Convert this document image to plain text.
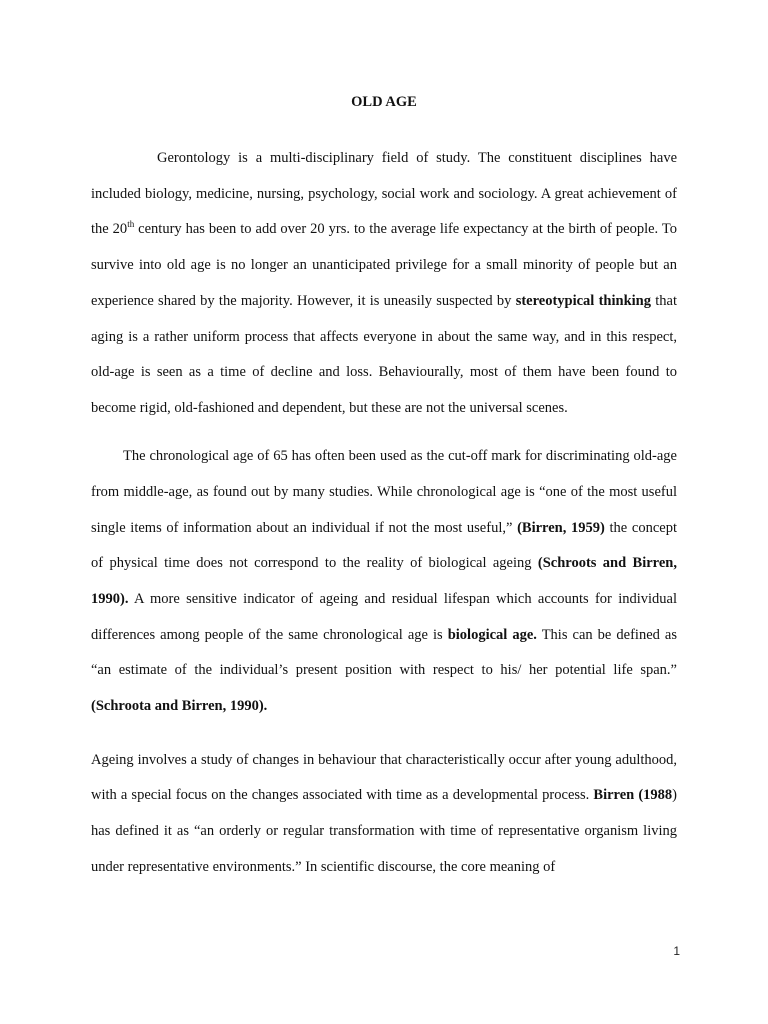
OLD AGE

Gerontology is a multi-disciplinary field of study. The constituent disciplines have included biology, medicine, nursing, psychology, social work and sociology. A great achievement of the 20th century has been to add over 20 yrs. to the average life expectancy at the birth of people. To survive into old age is no longer an unanticipated privilege for a small minority of people but an experience shared by the majority. However, it is uneasily suspected by stereotypical thinking that aging is a rather uniform process that affects everyone in about the same way, and in this respect, old-age is seen as a time of decline and loss. Behaviourally, most of them have been found to become rigid, old-fashioned and dependent, but these are not the universal scenes.

The chronological age of 65 has often been used as the cut-off mark for discriminating old-age from middle-age, as found out by many studies. While chronological age is “one of the most useful single items of information about an individual if not the most useful,” (Birren, 1959) the concept of physical time does not correspond to the reality of biological ageing (Schroots and Birren, 1990). A more sensitive indicator of ageing and residual lifespan which accounts for individual differences among people of the same chronological age is biological age. This can be defined as “an estimate of the individual’s present position with respect to his/ her potential life span.” (Schroota and Birren, 1990).

Ageing involves a study of changes in behaviour that characteristically occur after young adulthood, with a special focus on the changes associated with time as a developmental process. Birren (1988) has defined it as “an orderly or regular transformation with time of representative organism living under representative environments.” In scientific discourse, the core meaning of

1
